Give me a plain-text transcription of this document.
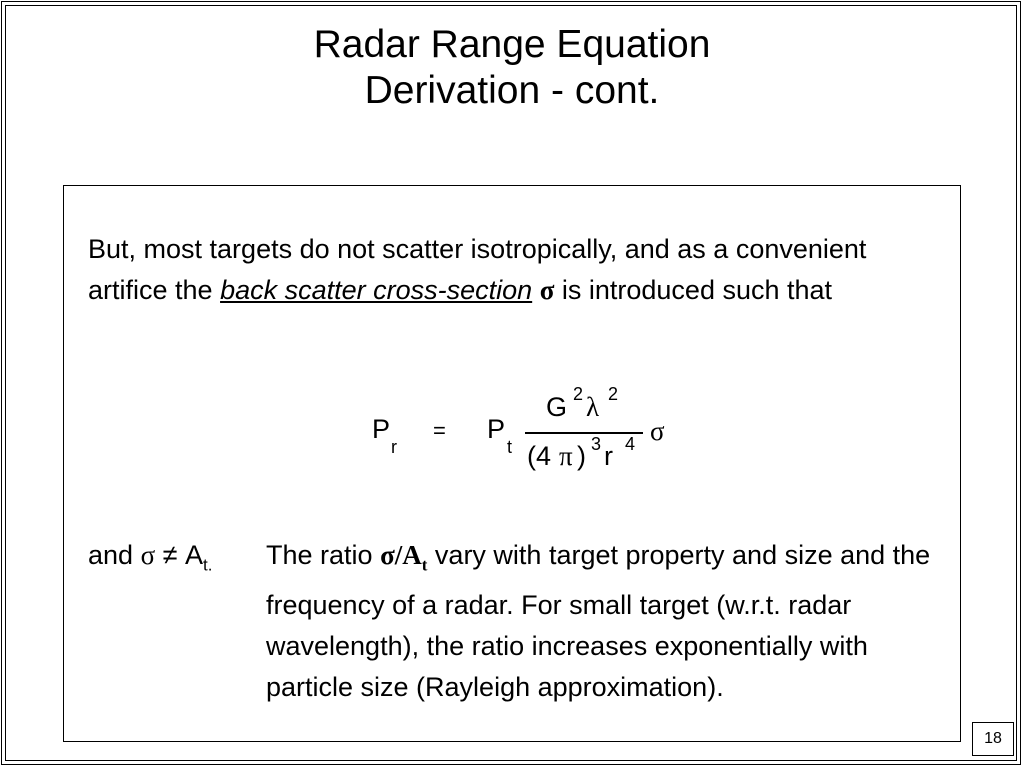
Radar Range Equation
Derivation - cont.
But, most targets do not scatter isotropically, and as a convenient artifice the back scatter cross-section σ is introduced such that
P
r
= P
t
G 2 λ 2
(4 π ) 3 r 4 σ
and $\sigma \ne A_{t.}$ The ratio $\sigma/A_t$ vary with target property and size and the frequency of a radar. For small target (w.r.t. radar wavelength), the ratio increases exponentially with particle size (Rayleigh approximation).
18
